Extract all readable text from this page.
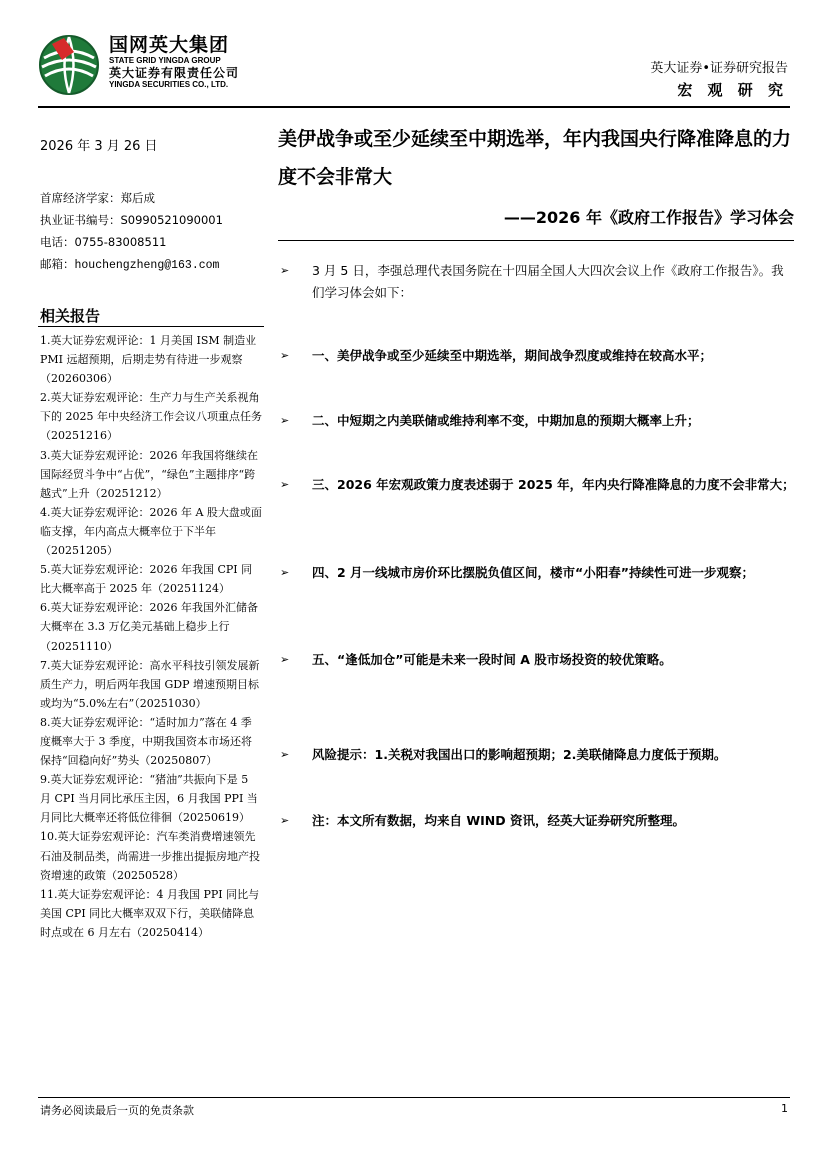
国网英大集团
STATE GRID YINGDA GROUP
英大证券有限责任公司
YINGDA SECURITIES CO., LTD.
英大证券•证券研究报告
宏 观 研 究
2026 年 3 月 26 日
首席经济学家：郑后成
执业证书编号：S0990521090001
电话：0755-83008511
邮箱：houchengzheng@163.com
相关报告
1.英大证券宏观评论：1 月美国 ISM 制造业 PMI 远超预期，后期走势有待进一步观察（20260306）
2.英大证券宏观评论：生产力与生产关系视角下的 2025 年中央经济工作会议八项重点任务（20251216）
3.英大证券宏观评论：2026 年我国将继续在国际经贸斗争中“占优”，“绿色”主题排序“跨越式”上升（20251212）
4.英大证券宏观评论：2026 年 A 股大盘或面临支撑，年内高点大概率位于下半年（20251205）
5.英大证券宏观评论：2026 年我国 CPI 同比大概率高于 2025 年（20251124）
6.英大证券宏观评论：2026 年我国外汇储备大概率在 3.3 万亿美元基础上稳步上行（20251110）
7.英大证券宏观评论：高水平科技引领发展新质生产力，明后两年我国 GDP 增速预期目标或均为“5.0%左右”（20251030）
8.英大证券宏观评论：“适时加力”落在 4 季度概率大于 3 季度，中期我国资本市场还将保持“回稳向好”势头（20250807）
9.英大证券宏观评论：“猪油”共振向下是 5 月 CPI 当月同比承压主因，6 月我国 PPI 当月同比大概率还将低位徘徊（20250619）
10.英大证券宏观评论：汽车类消费增速领先石油及制品类，尚需进一步推出提振房地产投资增速的政策（20250528）
11.英大证券宏观评论：4 月我国 PPI 同比与美国 CPI 同比大概率双双下行，美联储降息时点或在 6 月左右（20250414）
美伊战争或至少延续至中期选举，年内我国央行降准降息的力度不会非常大
——2026 年《政府工作报告》学习体会
➢ 3 月 5 日，李强总理代表国务院在十四届全国人大四次会议上作《政府工作报告》。我们学习体会如下：
➢ 一、美伊战争或至少延续至中期选举，期间战争烈度或维持在较高水平；
➢ 二、中短期之内美联储或维持利率不变，中期加息的预期大概率上升；
➢ 三、2026 年宏观政策力度表述弱于 2025 年，年内央行降准降息的力度不会非常大；
➢ 四、2 月一线城市房价环比摆脱负值区间，楼市“小阳春”持续性可进一步观察；
➢ 五、“逢低加仓”可能是未来一段时间 A 股市场投资的较优策略。
➢ 风险提示：1.关税对我国出口的影响超预期；2.美联储降息力度低于预期。
➢ 注：本文所有数据，均来自 WIND 资讯，经英大证券研究所整理。
请务必阅读最后一页的免责条款	1
